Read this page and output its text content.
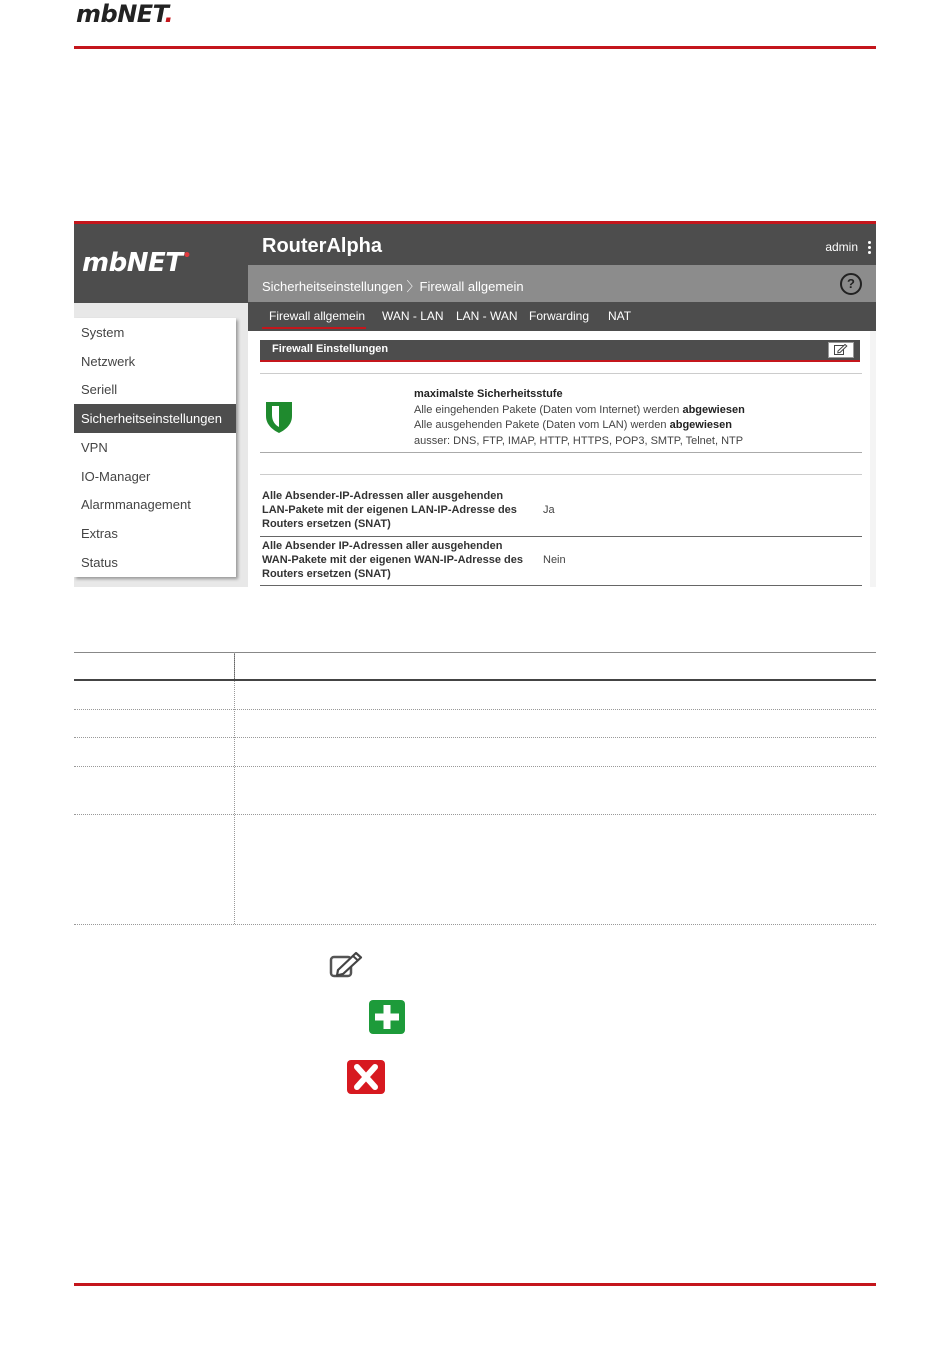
mbNET.
mbNET•	RouterAlpha	admin
Sicherheitseinstellungen 〉Firewall allgemein	?
Firewall allgemein WAN - LAN LAN - WAN Forwarding NAT
System
Netzwerk
Seriell
Sicherheitseinstellungen
VPN
IO-Manager
Alarmmanagement
Extras
Status
Firewall Einstellungen
maximalste Sicherheitsstufe
Alle eingehenden Pakete (Daten vom Internet) werden abgewiesen
Alle ausgehenden Pakete (Daten vom LAN) werden abgewiesen
ausser: DNS, FTP, IMAP, HTTP, HTTPS, POP3, SMTP, Telnet, NTP
Alle Absender-IP-Adressen aller ausgehenden LAN-Pakete mit der eigenen LAN-IP-Adresse des Routers ersetzen (SNAT)
Ja
Alle Absender IP-Adressen aller ausgehenden WAN-Pakete mit der eigenen WAN-IP-Adresse des Routers ersetzen (SNAT)
Nein
